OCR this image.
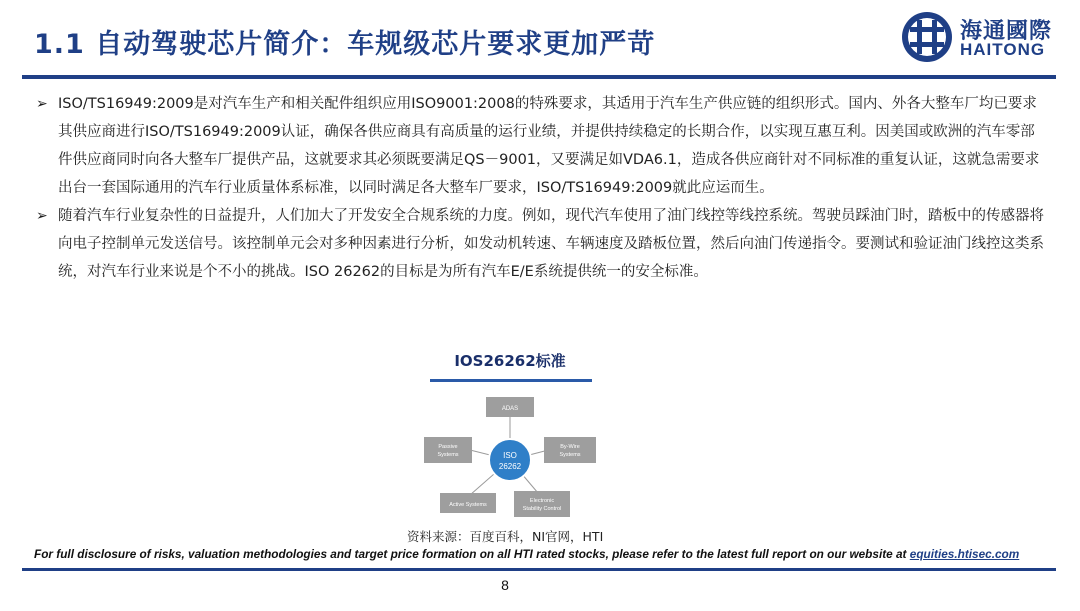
1.1 自动驾驶芯片简介：车规级芯片要求更加严苛	海通國際
HAITONG
➢ ISO/TS16949:2009是对汽车生产和相关配件组织应用ISO9001:2008的特殊要求，其适用于汽车生产供应链的组织形式。国内、外各大整车厂均已要求其供应商进行ISO/TS16949:2009认证，确保各供应商具有高质量的运行业绩，并提供持续稳定的长期合作，以实现互惠互利。因美国或欧洲的汽车零部件供应商同时向各大整车厂提供产品，这就要求其必须既要满足QS－9001，又要满足如VDA6.1，造成各供应商针对不同标准的重复认证，这就急需要求出台一套国际通用的汽车行业质量体系标准，以同时满足各大整车厂要求，ISO/TS16949:2009就此应运而生。
➢ 随着汽车行业复杂性的日益提升，人们加大了开发安全合规系统的力度。例如，现代汽车使用了油门线控等线控系统。驾驶员踩油门时，踏板中的传感器将向电子控制单元发送信号。该控制单元会对多种因素进行分析，如发动机转速、车辆速度及踏板位置，然后向油门传递指令。要测试和验证油门线控这类系统，对汽车行业来说是个不小的挑战。ISO 26262的目标是为所有汽车E/E系统提供统一的安全标准。
IOS26262标准
ADAS
By-Wire
Systems
Electronic
Stability Control
Active Systems
Passive
Systems	ISO
26262
资料来源：百度百科，NI官网，HTI
For full disclosure of risks, valuation methodologies and target price formation on all HTI rated stocks, please refer to the latest full report on our website at equities.htisec.com
8
